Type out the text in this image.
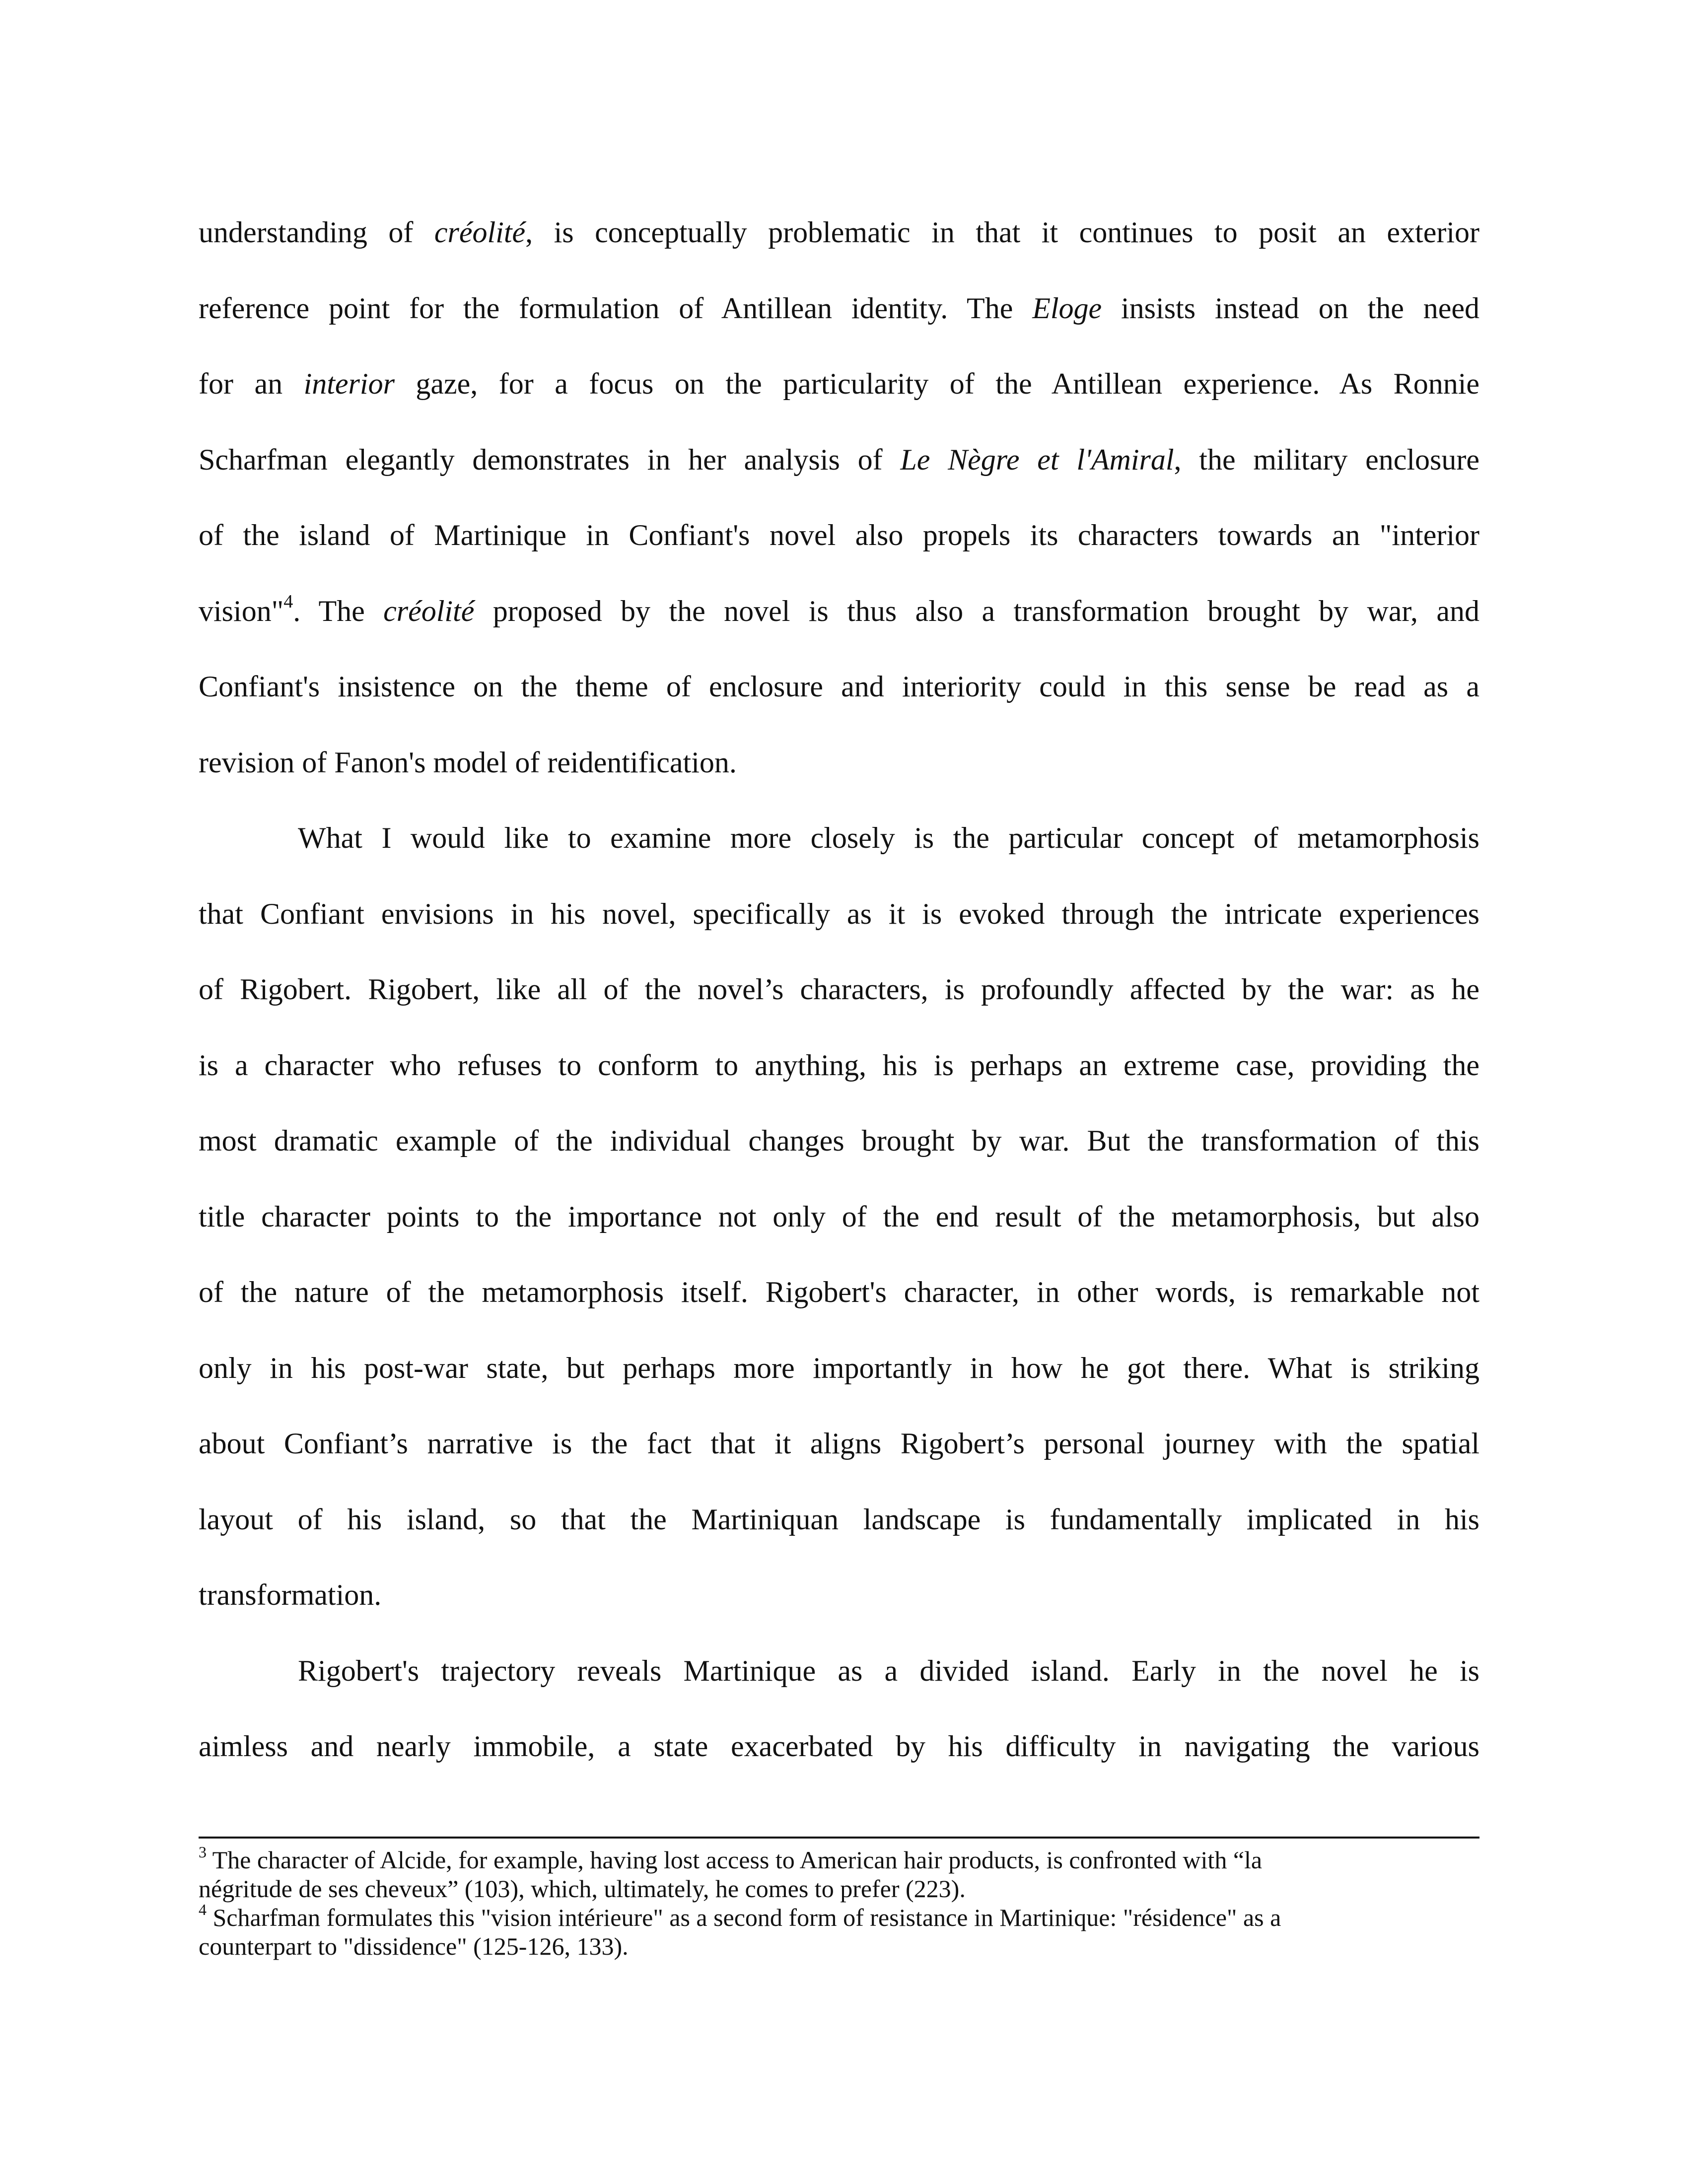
understanding of créolité, is conceptually problematic in that it continues to posit an exterior
reference point for the formulation of Antillean identity. The Eloge insists instead on the need
for an interior gaze, for a focus on the particularity of the Antillean experience. As Ronnie
Scharfman elegantly demonstrates in her analysis of Le Nègre et l'Amiral, the military enclosure
of the island of Martinique in Confiant's novel also propels its characters towards an "interior
vision"$^4$. The créolité proposed by the novel is thus also a transformation brought by war, and
Confiant's insistence on the theme of enclosure and interiority could in this sense be read as a
revision of Fanon's model of reidentification.
What I would like to examine more closely is the particular concept of metamorphosis
that Confiant envisions in his novel, specifically as it is evoked through the intricate experiences
of Rigobert. Rigobert, like all of the novel’s characters, is profoundly affected by the war: as he
is a character who refuses to conform to anything, his is perhaps an extreme case, providing the
most dramatic example of the individual changes brought by war. But the transformation of this
title character points to the importance not only of the end result of the metamorphosis, but also
of the nature of the metamorphosis itself. Rigobert's character, in other words, is remarkable not
only in his post-war state, but perhaps more importantly in how he got there. What is striking
about Confiant’s narrative is the fact that it aligns Rigobert’s personal journey with the spatial
layout of his island, so that the Martiniquan landscape is fundamentally implicated in his
transformation.
Rigobert's trajectory reveals Martinique as a divided island. Early in the novel he is
aimless and nearly immobile, a state exacerbated by his difficulty in navigating the various
$^3$ The character of Alcide, for example, having lost access to American hair products, is confronted with “la
négritude de ses cheveux” (103), which, ultimately, he comes to prefer (223).
$^4$ Scharfman formulates this "vision intérieure" as a second form of resistance in Martinique: "résidence" as a
counterpart to "dissidence" (125-126, 133).
